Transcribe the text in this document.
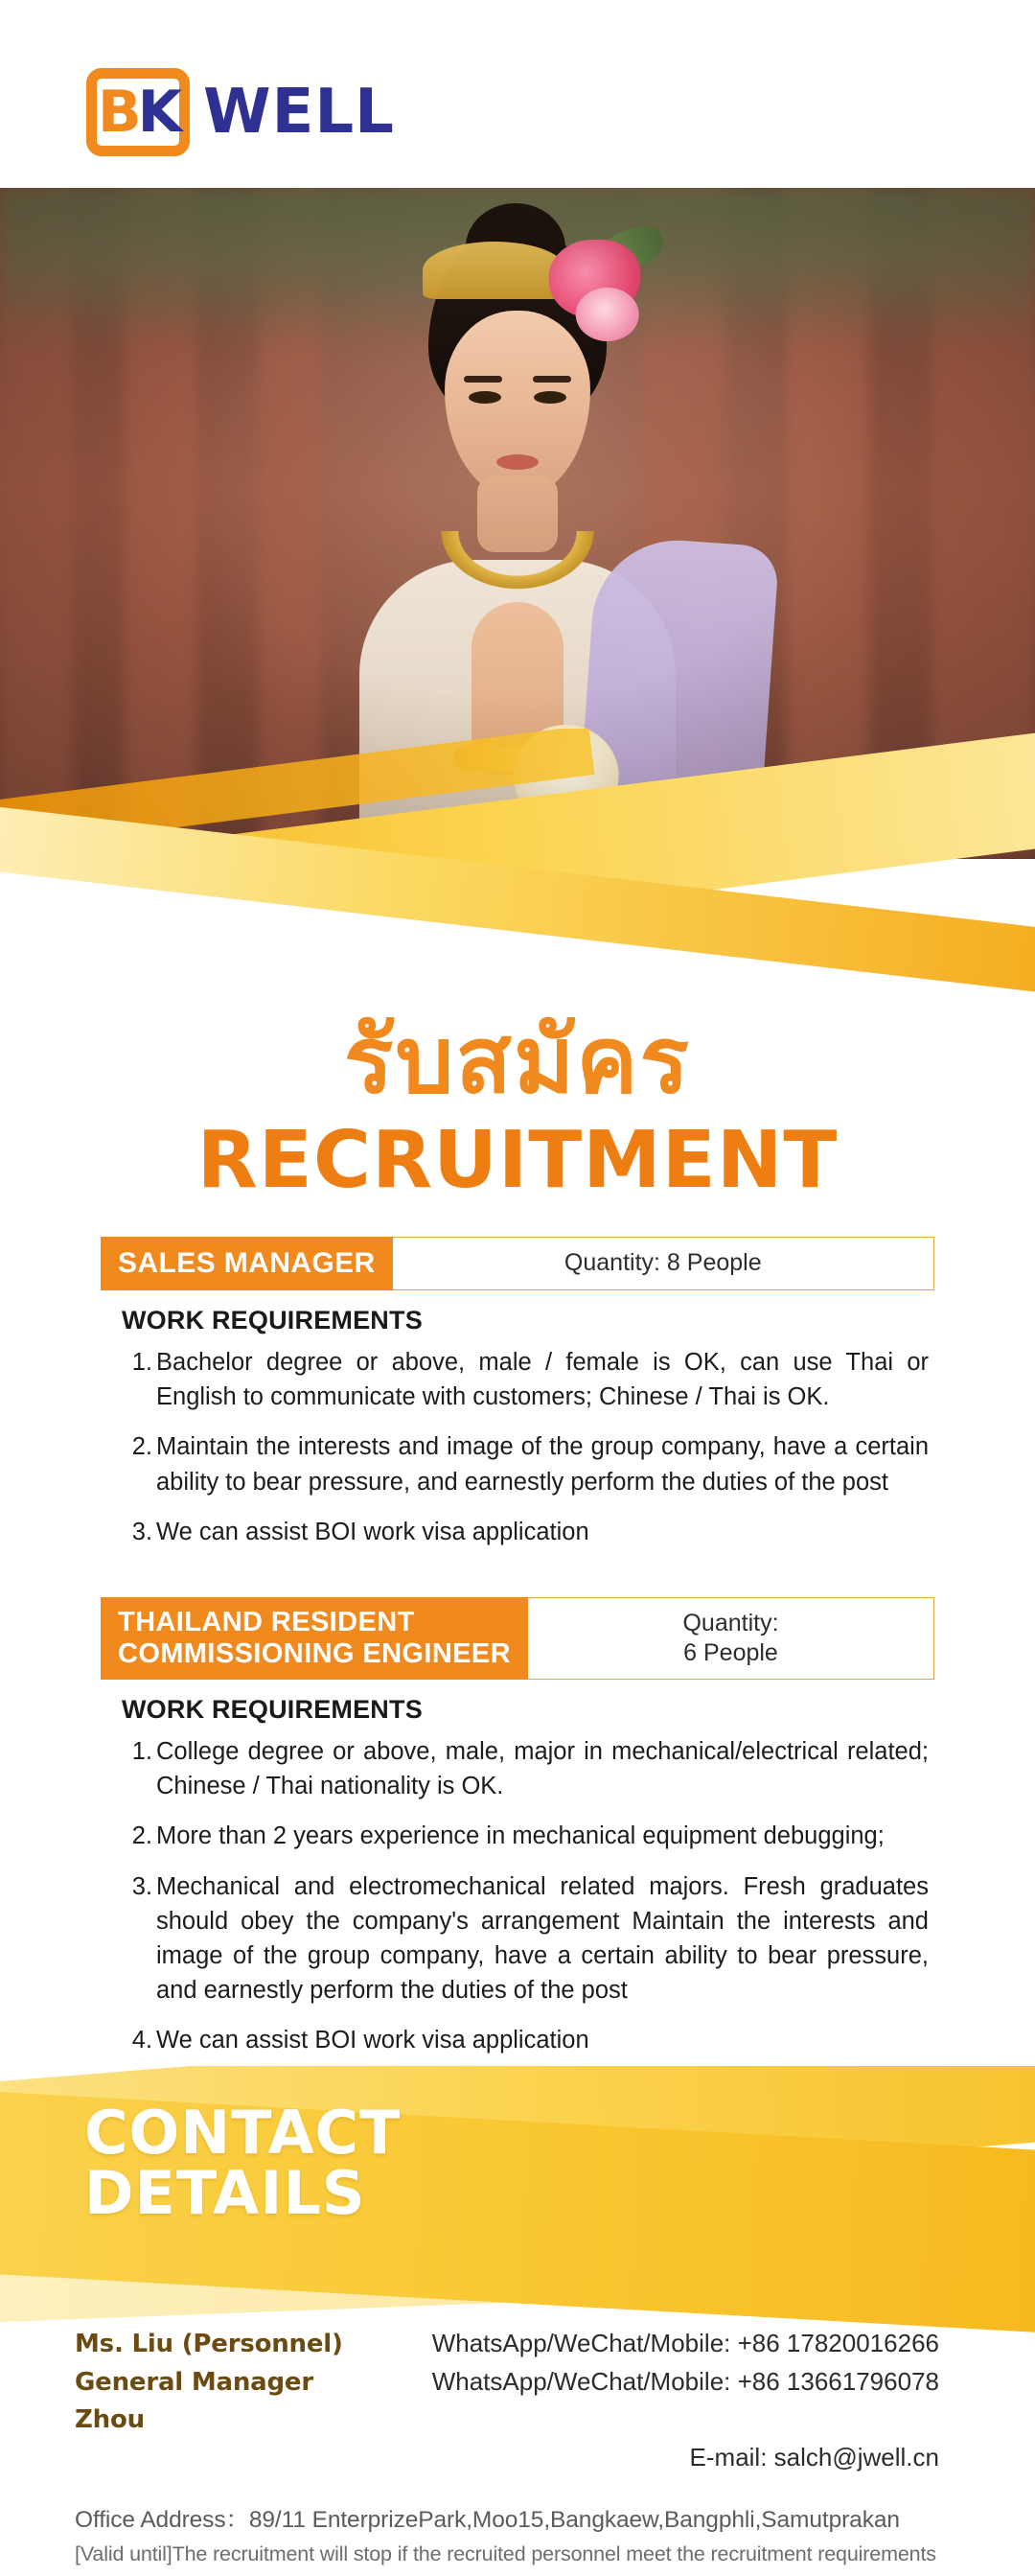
B K WELL
รับสมัคร
RECRUITMENT
SALES MANAGER	Quantity: 8 People
WORK REQUIREMENTS
1. Bachelor degree or above, male / female is OK, can use Thai or English to communicate with customers; Chinese / Thai is OK.
2. Maintain the interests and image of the group company, have a certain ability to bear pressure, and earnestly perform the duties of the post
3. We can assist BOI work visa application
THAILAND RESIDENT
COMMISSIONING ENGINEER
Quantity:
6 People
WORK REQUIREMENTS
1. College degree or above, male, major in mechanical/electrical related; Chinese / Thai nationality is OK.
2. More than 2 years experience in mechanical equipment debugging;
3. Mechanical and electromechanical related majors. Fresh graduates should obey the company's arrangement Maintain the interests and image of the group company, have a certain ability to bear pressure, and earnestly perform the duties of the post
4. We can assist BOI work visa application
CONTACT
DETAILS
Ms. Liu (Personnel)	WhatsApp/WeChat/Mobile: +86 17820016266
General Manager Zhou
WhatsApp/WeChat/Mobile: +86 13661796078
E-mail: salch@jwell.cn
Office Address：89/11 EnterprizePark,Moo15,Bangkaew,Bangphli,Samutprakan
[Valid until]The recruitment will stop if the recruited personnel meet the recruitment requirements
